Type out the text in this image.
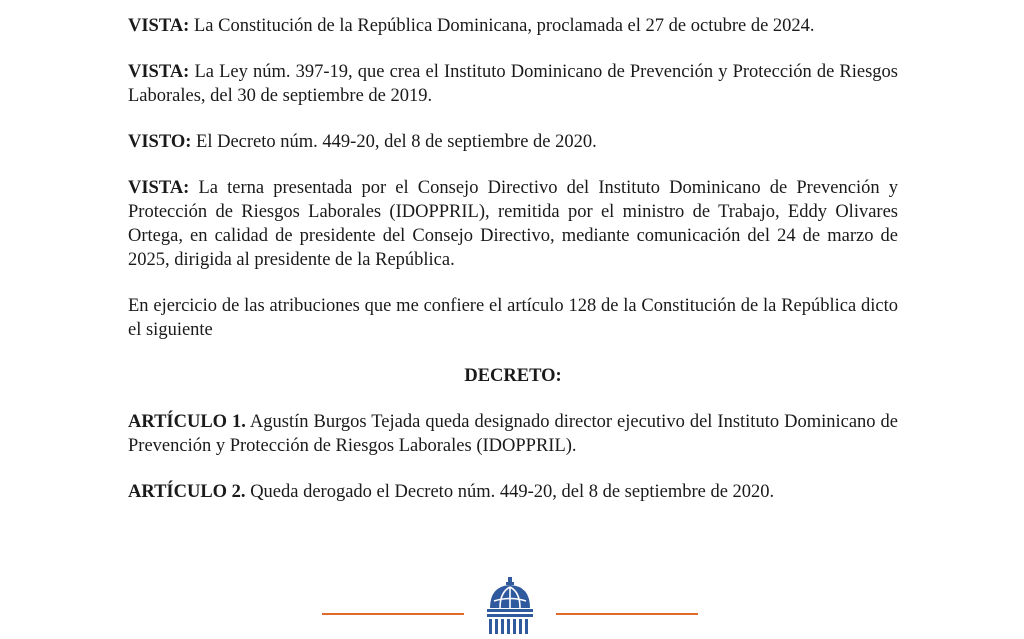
VISTA: La Constitución de la República Dominicana, proclamada el 27 de octubre de 2024.

VISTA: La Ley núm. 397-19, que crea el Instituto Dominicano de Prevención y Protección de Riesgos Laborales, del 30 de septiembre de 2019.

VISTO: El Decreto núm. 449-20, del 8 de septiembre de 2020.

VISTA: La terna presentada por el Consejo Directivo del Instituto Dominicano de Prevención y Protección de Riesgos Laborales (IDOPPRIL), remitida por el ministro de Trabajo, Eddy Olivares Ortega, en calidad de presidente del Consejo Directivo, mediante comunicación del 24 de marzo de 2025, dirigida al presidente de la República.

En ejercicio de las atribuciones que me confiere el artículo 128 de la Constitución de la República dicto el siguiente

DECRETO:

ARTÍCULO 1. Agustín Burgos Tejada queda designado director ejecutivo del Instituto Dominicano de Prevención y Protección de Riesgos Laborales (IDOPPRIL).

ARTÍCULO 2. Queda derogado el Decreto núm. 449-20, del 8 de septiembre de 2020.
